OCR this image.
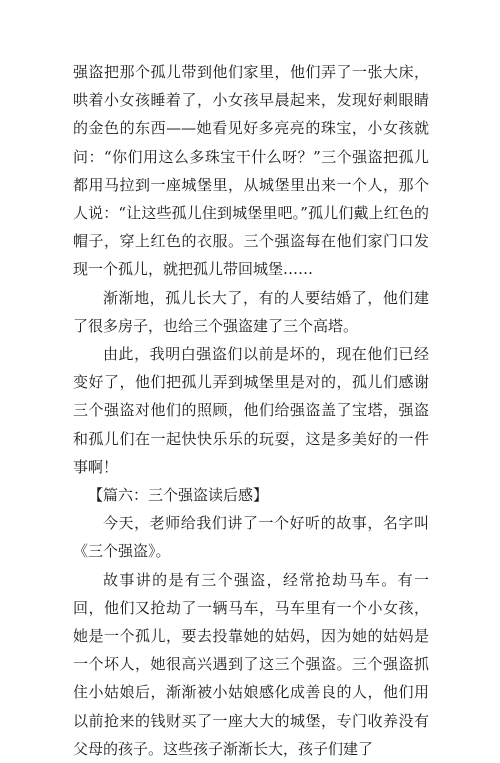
强盗把那个孤儿带到他们家里，他们弄了一张大床，哄着小女孩睡着了，小女孩早晨起来，发现好刺眼睛的金色的东西——她看见好多亮亮的珠宝，小女孩就问：“你们用这么多珠宝干什么呀？”三个强盗把孤儿都用马拉到一座城堡里，从城堡里出来一个人，那个人说：“让这些孤儿住到城堡里吧。”孤儿们戴上红色的帽子，穿上红色的衣服。三个强盗每在他们家门口发现一个孤儿，就把孤儿带回城堡……

渐渐地，孤儿长大了，有的人要结婚了，他们建了很多房子，也给三个强盗建了三个高塔。

由此，我明白强盗们以前是坏的，现在他们已经变好了，他们把孤儿弄到城堡里是对的，孤儿们感谢三个强盗对他们的照顾，他们给强盗盖了宝塔，强盗和孤儿们在一起快快乐乐的玩耍，这是多美好的一件事啊！

【篇六：三个强盗读后感】

今天，老师给我们讲了一个好听的故事，名字叫《三个强盗》。

故事讲的是有三个强盗，经常抢劫马车。有一回，他们又抢劫了一辆马车，马车里有一个小女孩，她是一个孤儿，要去投靠她的姑妈，因为她的姑妈是一个坏人，她很高兴遇到了这三个强盗。三个强盗抓住小姑娘后，渐渐被小姑娘感化成善良的人，他们用以前抢来的钱财买了一座大大的城堡，专门收养没有父母的孩子。这些孩子渐渐长大，孩子们建了
